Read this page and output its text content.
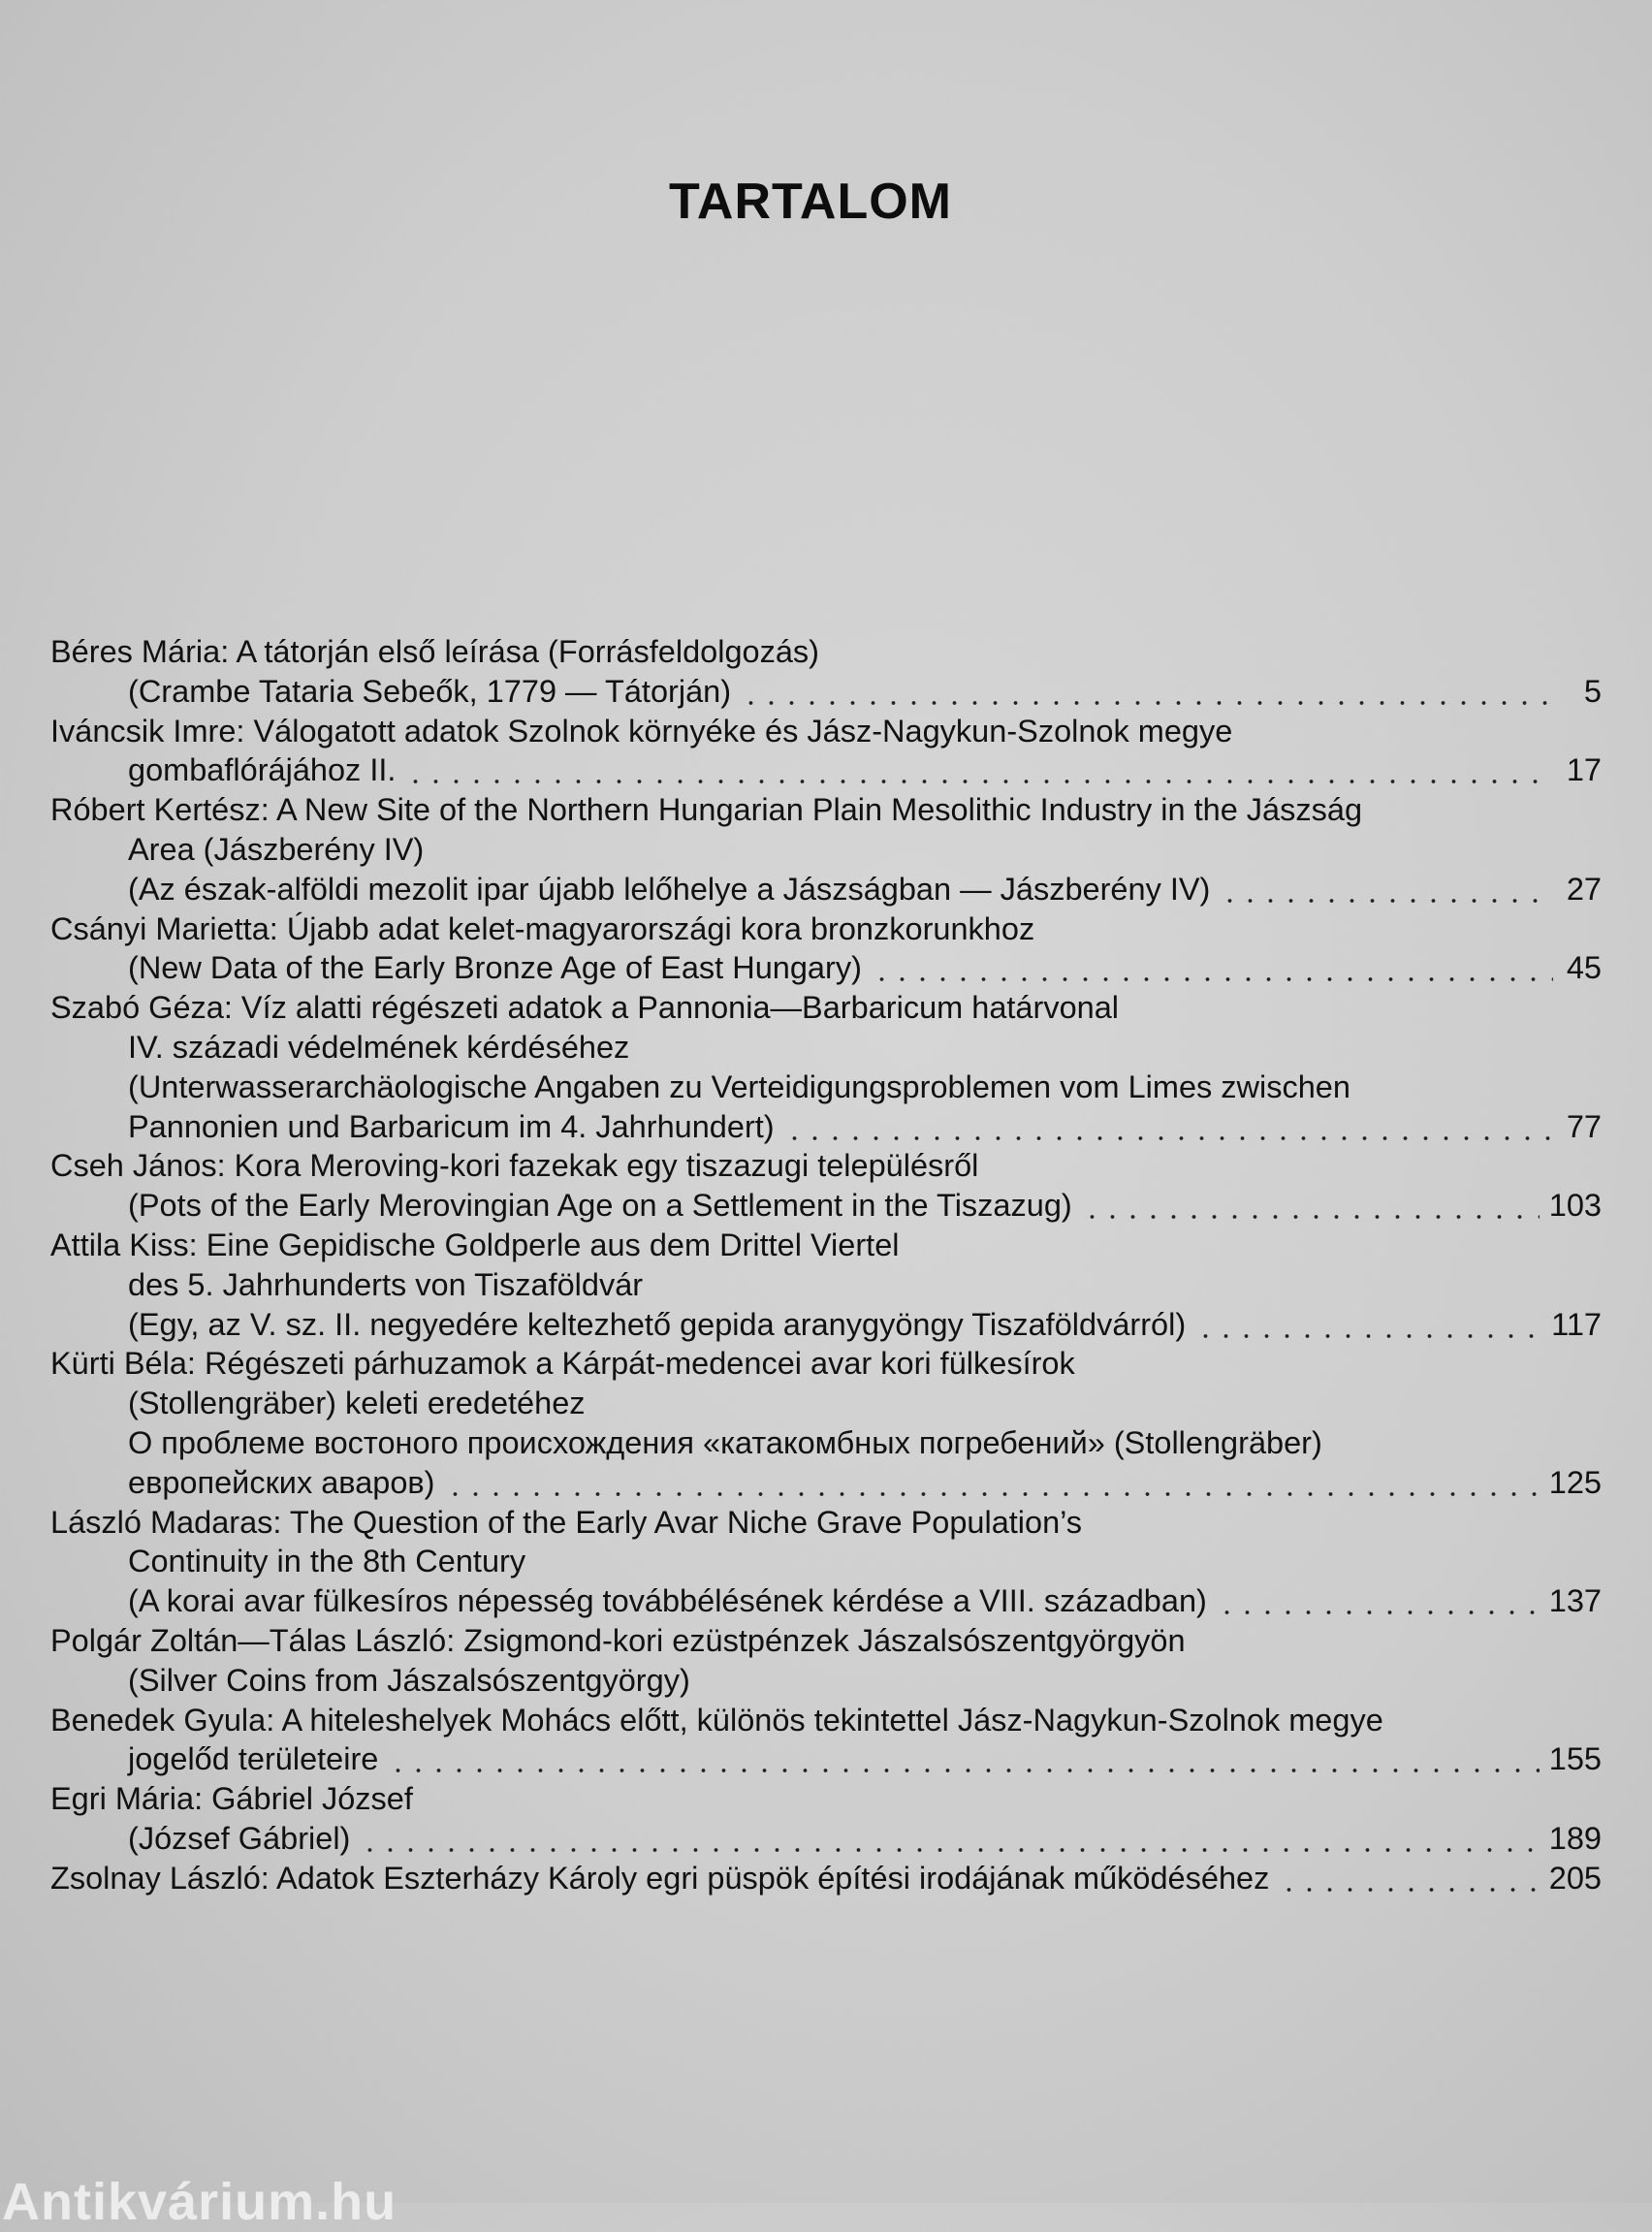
TARTALOM
Béres Mária: A tátorján első leírása (Forrásfeldolgozás)
(Crambe Tataria Sebeők, 1779 — Tátorján)	5
Iváncsik Imre: Válogatott adatok Szolnok környéke és Jász-Nagykun-Szolnok megye
gombaflórájához II.	17
Róbert Kertész: A New Site of the Northern Hungarian Plain Mesolithic Industry in the Jászság
Area (Jászberény IV)
(Az észak-alföldi mezolit ipar újabb lelőhelye a Jászságban — Jászberény IV)	27
Csányi Marietta: Újabb adat kelet-magyarországi kora bronzkorunkhoz
(New Data of the Early Bronze Age of East Hungary)	45
Szabó Géza: Víz alatti régészeti adatok a Pannonia—Barbaricum határvonal
IV. századi védelmének kérdéséhez
(Unterwasserarchäologische Angaben zu Verteidigungsproblemen vom Limes zwischen
Pannonien und Barbaricum im 4. Jahrhundert)	77
Cseh János: Kora Meroving-kori fazekak egy tiszazugi településről
(Pots of the Early Merovingian Age on a Settlement in the Tiszazug)	103
Attila Kiss: Eine Gepidische Goldperle aus dem Drittel Viertel
des 5. Jahrhunderts von Tiszaföldvár
(Egy, az V. sz. II. negyedére keltezhető gepida aranygyöngy Tiszaföldvárról)	117
Kürti Béla: Régészeti párhuzamok a Kárpát-medencei avar kori fülkesírok
(Stollengräber) keleti eredetéhez
О проблеме востоного происхождения «катакомбных погребений» (Stollengräber)
европейских аваров)	125
László Madaras: The Question of the Early Avar Niche Grave Population’s
Continuity in the 8th Century
(A korai avar fülkesíros népesség továbbélésének kérdése a VIII. században)	137
Polgár Zoltán—Tálas László: Zsigmond-kori ezüstpénzek Jászalsószentgyörgyön
(Silver Coins from Jászalsószentgyörgy)
Benedek Gyula: A hiteleshelyek Mohács előtt, különös tekintettel Jász-Nagykun-Szolnok megye
jogelőd területeire	155
Egri Mária: Gábriel József
(József Gábriel)	189
Zsolnay László: Adatok Eszterházy Károly egri püspök építési irodájának működéséhez	205
Antikvárium.hu
